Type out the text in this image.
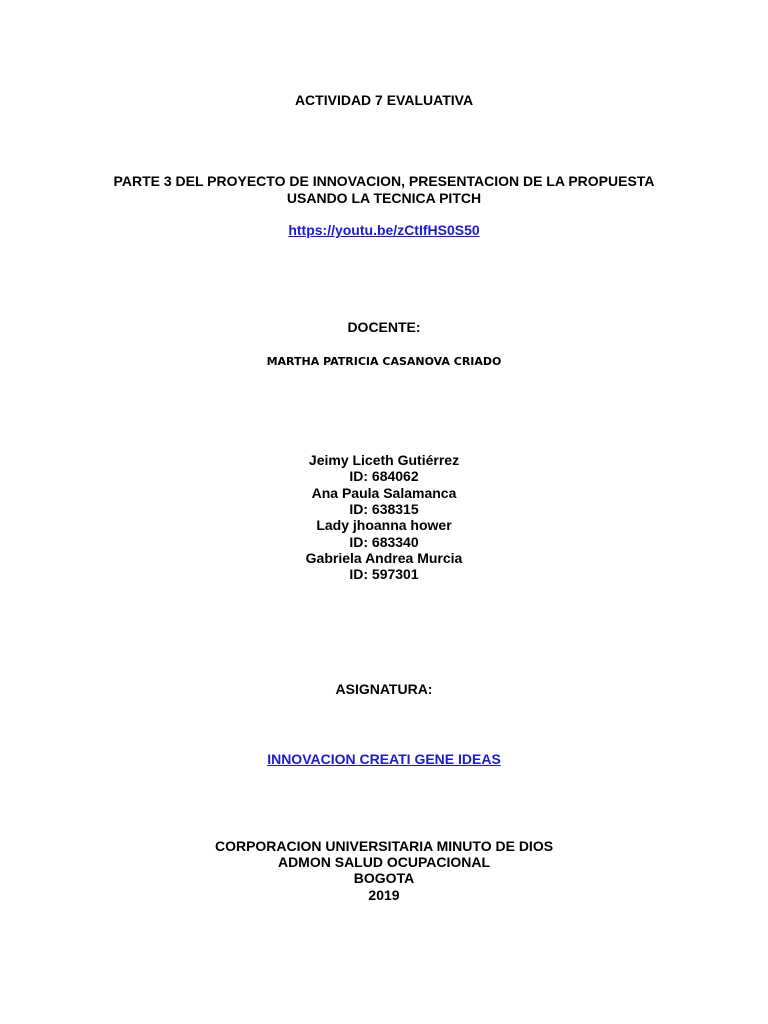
ACTIVIDAD 7 EVALUATIVA
PARTE 3 DEL PROYECTO DE INNOVACION, PRESENTACION DE LA PROPUESTA
USANDO LA TECNICA PITCH
https://youtu.be/zCtIfHS0S50
DOCENTE:
MARTHA PATRICIA CASANOVA CRIADO
Jeimy Liceth Gutiérrez
ID: 684062
Ana Paula Salamanca
ID: 638315
Lady jhoanna hower
ID: 683340
Gabriela Andrea Murcia
ID: 597301
ASIGNATURA:
INNOVACION CREATI GENE IDEAS
CORPORACION UNIVERSITARIA MINUTO DE DIOS
ADMON SALUD OCUPACIONAL
BOGOTA
2019
